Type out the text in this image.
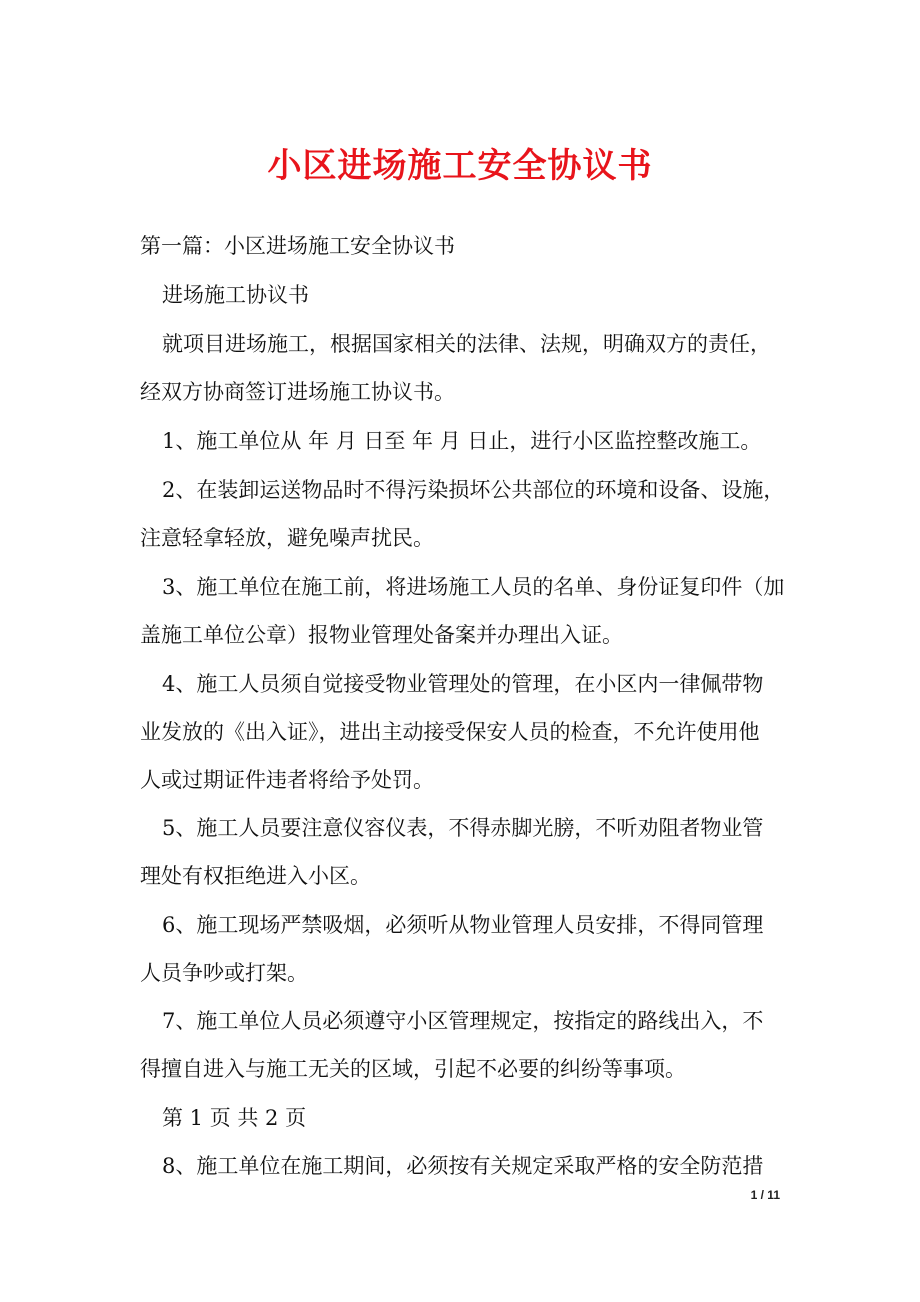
小区进场施工安全协议书

第一篇：小区进场施工安全协议书

进场施工协议书

就项目进场施工，根据国家相关的法律、法规，明确双方的责任，

经双方协商签订进场施工协议书。

1、施工单位从 年 月 日至 年 月 日止，进行小区监控整改施工。

2、在装卸运送物品时不得污染损坏公共部位的环境和设备、设施，

注意轻拿轻放，避免噪声扰民。

3、施工单位在施工前，将进场施工人员的名单、身份证复印件（加

盖施工单位公章）报物业管理处备案并办理出入证。

4、施工人员须自觉接受物业管理处的管理，在小区内一律佩带物

业发放的《出入证》，进出主动接受保安人员的检查，不允许使用他

人或过期证件违者将给予处罚。

5、施工人员要注意仪容仪表，不得赤脚光膀，不听劝阻者物业管

理处有权拒绝进入小区。

6、施工现场严禁吸烟，必须听从物业管理人员安排，不得同管理

人员争吵或打架。

7、施工单位人员必须遵守小区管理规定，按指定的路线出入，不

得擅自进入与施工无关的区域，引起不必要的纠纷等事项。

第 1 页 共 2 页

8、施工单位在施工期间，必须按有关规定采取严格的安全防范措

1 / 11
